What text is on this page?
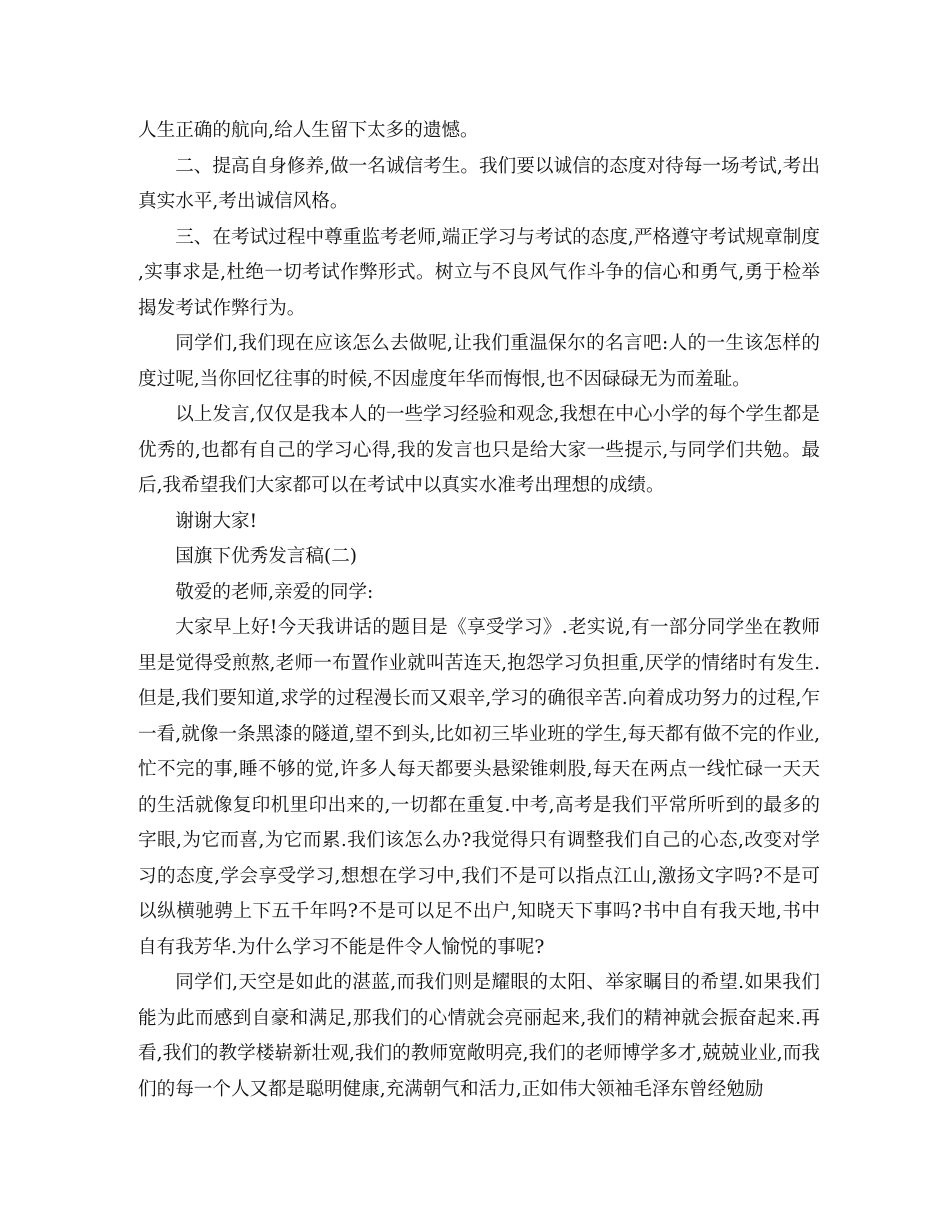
人生正确的航向,给人生留下太多的遗憾。

二、提高自身修养,做一名诚信考生。我们要以诚信的态度对待每一场考试,考出真实水平,考出诚信风格。

三、在考试过程中尊重监考老师,端正学习与考试的态度,严格遵守考试规章制度,实事求是,杜绝一切考试作弊形式。树立与不良风气作斗争的信心和勇气,勇于检举揭发考试作弊行为。

同学们,我们现在应该怎么去做呢,让我们重温保尔的名言吧:人的一生该怎样的度过呢,当你回忆往事的时候,不因虚度年华而悔恨,也不因碌碌无为而羞耻。

以上发言,仅仅是我本人的一些学习经验和观念,我想在中心小学的每个学生都是优秀的,也都有自己的学习心得,我的发言也只是给大家一些提示,与同学们共勉。最后,我希望我们大家都可以在考试中以真实水准考出理想的成绩。

谢谢大家!

国旗下优秀发言稿(二)

敬爱的老师,亲爱的同学:

大家早上好!今天我讲话的题目是《享受学习》.老实说,有一部分同学坐在教师里是觉得受煎熬,老师一布置作业就叫苦连天,抱怨学习负担重,厌学的情绪时有发生.但是,我们要知道,求学的过程漫长而又艰辛,学习的确很辛苦.向着成功努力的过程,乍一看,就像一条黑漆的隧道,望不到头,比如初三毕业班的学生,每天都有做不完的作业,忙不完的事,睡不够的觉,许多人每天都要头悬梁锥刺股,每天在两点一线忙碌一天天的生活就像复印机里印出来的,一切都在重复.中考,高考是我们平常所听到的最多的字眼,为它而喜,为它而累.我们该怎么办?我觉得只有调整我们自己的心态,改变对学习的态度,学会享受学习,想想在学习中,我们不是可以指点江山,激扬文字吗?不是可以纵横驰骋上下五千年吗?不是可以足不出户,知晓天下事吗?书中自有我天地,书中自有我芳华.为什么学习不能是件令人愉悦的事呢?

同学们,天空是如此的湛蓝,而我们则是耀眼的太阳、举家瞩目的希望.如果我们能为此而感到自豪和满足,那我们的心情就会亮丽起来,我们的精神就会振奋起来.再看,我们的教学楼崭新壮观,我们的教师宽敞明亮,我们的老师博学多才,兢兢业业,而我们的每一个人又都是聪明健康,充满朝气和活力,正如伟大领袖毛泽东曾经勉励
